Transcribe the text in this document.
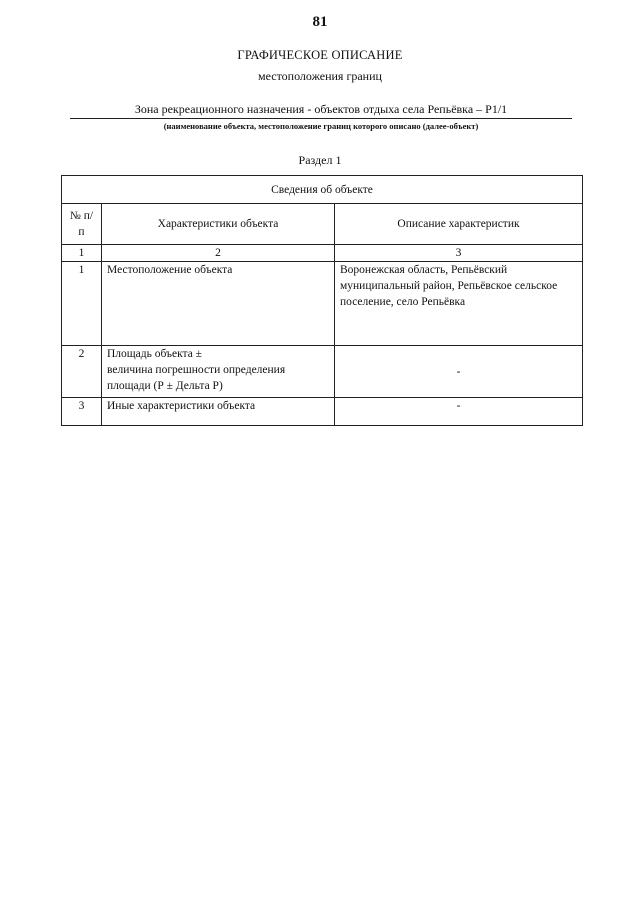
81
ГРАФИЧЕСКОЕ ОПИСАНИЕ
местоположения границ
Зона рекреационного назначения - объектов отдыха села Репьёвка – Р1/1
(наименование объекта, местоположение границ которого описано (далее-объект)
Раздел 1
Сведения об объекте		
№ п/п	Характеристики объекта	Описание характеристик
1	2	3
1	Местоположение объекта	Воронежская область, Репьёвский муниципальный район, Репьёвское сельское поселение, село Репьёвка
2	Площадь объекта ±
величина погрешности определения площади (Р ± Дельта Р)	-
3	Иные характеристики объекта	-
